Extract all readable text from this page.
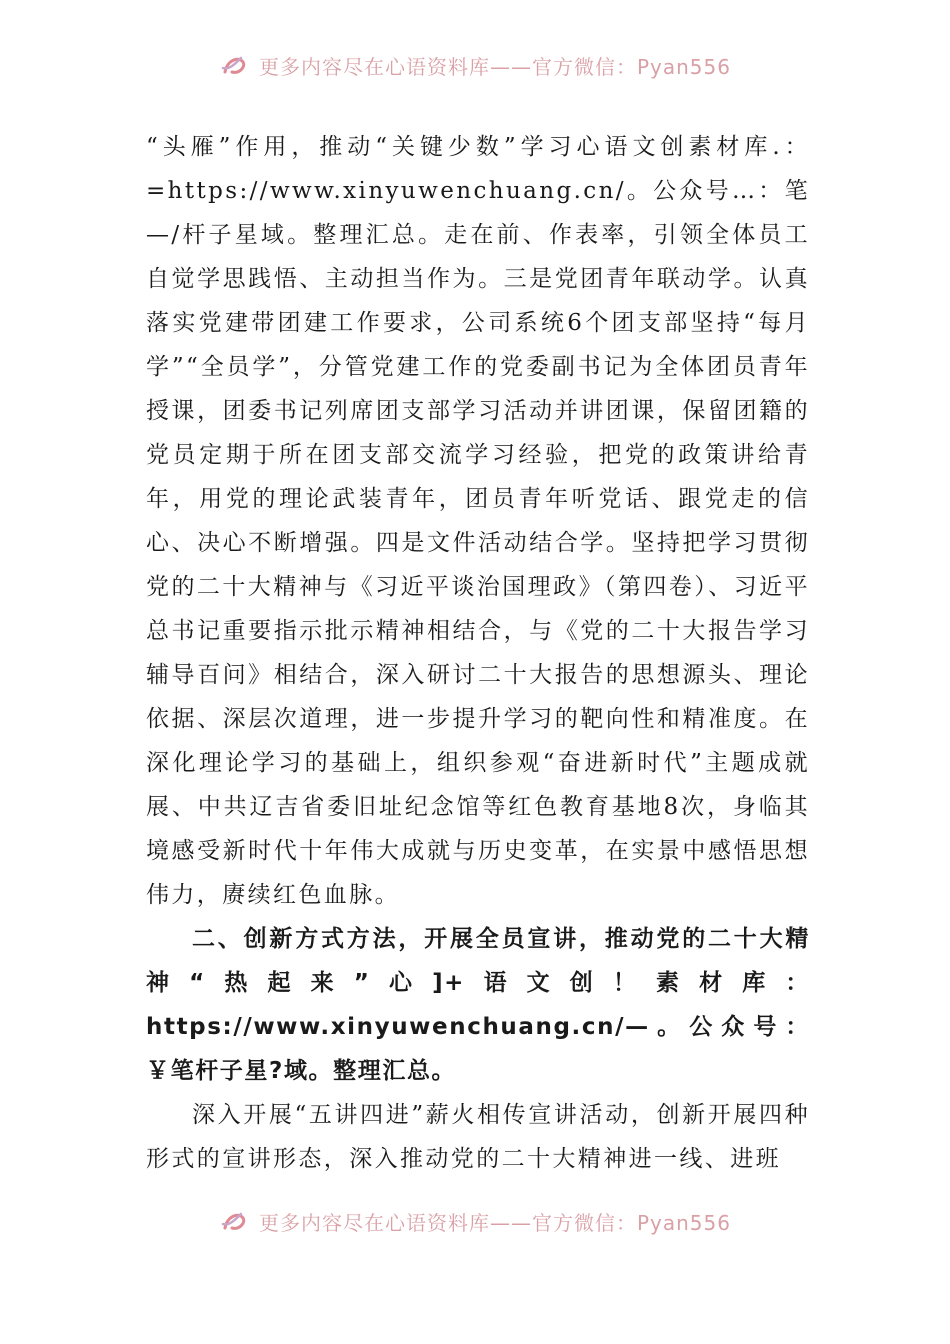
更多内容尽在心语资料库——官方微信：Pyan556

“头雁”作用，推动“关键少数”学习心语文创素材库.：=https://www.xinyuwenchuang.cn/。公众号…：笔—/杆子星域。整理汇总。走在前、作表率，引领全体员工自觉学思践悟、主动担当作为。三是党团青年联动学。认真落实党建带团建工作要求，公司系统6个团支部坚持“每月学”“全员学”，分管党建工作的党委副书记为全体团员青年授课，团委书记列席团支部学习活动并讲团课，保留团籍的党员定期于所在团支部交流学习经验，把党的政策讲给青年，用党的理论武装青年，团员青年听党话、跟党走的信心、决心不断增强。四是文件活动结合学。坚持把学习贯彻党的二十大精神与《习近平谈治国理政》（第四卷）、习近平总书记重要指示批示精神相结合，与《党的二十大报告学习辅导百问》相结合，深入研讨二十大报告的思想源头、理论依据、深层次道理，进一步提升学习的靶向性和精准度。在深化理论学习的基础上，组织参观“奋进新时代”主题成就展、中共辽吉省委旧址纪念馆等红色教育基地8次，身临其境感受新时代十年伟大成就与历史变革，在实景中感悟思想伟力，赓续红色血脉。

二、创新方式方法，开展全员宣讲，推动党的二十大精神“热起来”心]+语文创！素材库：https://www.xinyuwenchuang.cn/—。公众号：￥笔杆子星?域。整理汇总。

深入开展“五讲四进”薪火相传宣讲活动，创新开展四种形式的宣讲形态，深入推动党的二十大精神进一线、进班

更多内容尽在心语资料库——官方微信：Pyan556
